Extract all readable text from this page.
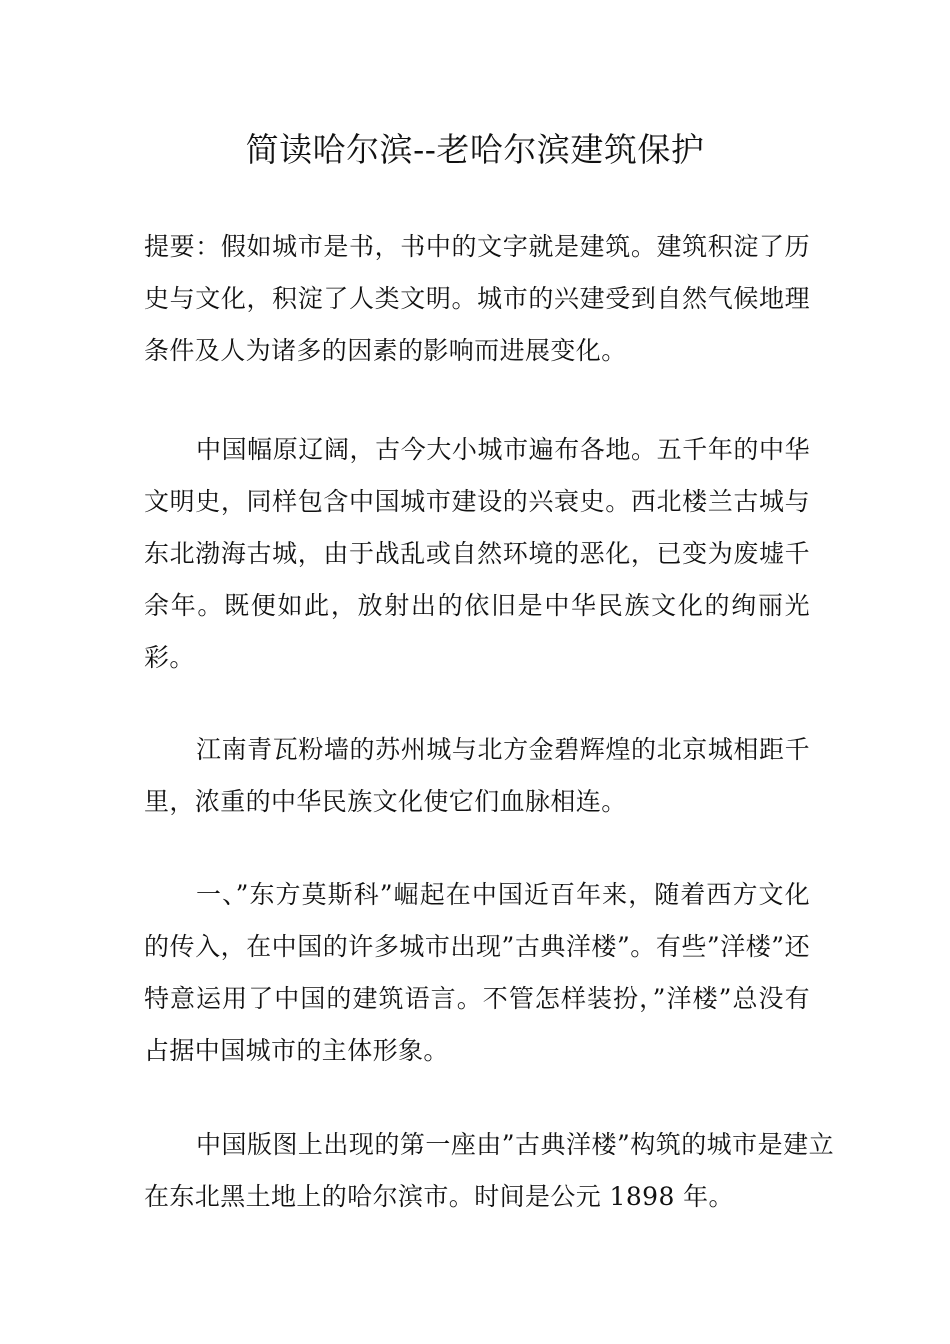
简读哈尔滨--老哈尔滨建筑保护

提要：假如城市是书，书中的文字就是建筑。建筑积淀了历史与文化，积淀了人类文明。城市的兴建受到自然气候地理条件及人为诸多的因素的影响而进展变化。

中国幅原辽阔，古今大小城市遍布各地。五千年的中华文明史，同样包含中国城市建设的兴衰史。西北楼兰古城与东北渤海古城，由于战乱或自然环境的恶化，已变为废墟千余年。既便如此，放射出的依旧是中华民族文化的绚丽光彩。

江南青瓦粉墙的苏州城与北方金碧辉煌的北京城相距千里，浓重的中华民族文化使它们血脉相连。

一、”东方莫斯科”崛起在中国近百年来，随着西方文化的传入，在中国的许多城市出现”古典洋楼”。有些”洋楼”还特意运用了中国的建筑语言。不管怎样装扮，”洋楼”总没有占据中国城市的主体形象。

中国版图上出现的第一座由”古典洋楼”构筑的城市是建立在东北黑土地上的哈尔滨市。时间是公元 1898 年。
